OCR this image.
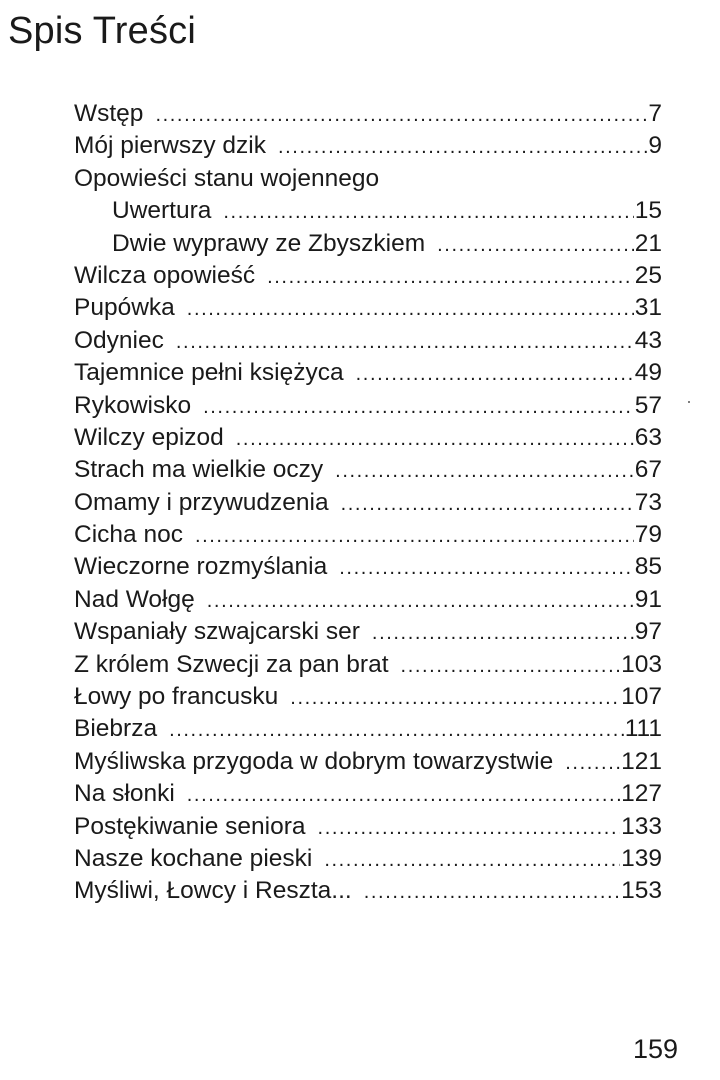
Spis Treści
Wstęp .....	7
Mój pierwszy dzik .....	9
Opowieści stanu wojennego
Uwertura .....	15
Dwie wyprawy ze Zbyszkiem .....	21
Wilcza opowieść .....	25
Pupówka .....	31
Odyniec .....	43
Tajemnice pełni księżyca .....	49
Rykowisko .....	57
Wilczy epizod .....	63
Strach ma wielkie oczy .....	67
Omamy i przywudzenia .....	73
Cicha noc .....	79
Wieczorne rozmyślania .....	85
Nad Wołgę .....	91
Wspaniały szwajcarski ser .....	97
Z królem Szwecji za pan brat .....	103
Łowy po francusku .....	107
Biebrza .....	111
Myśliwska przygoda w dobrym towarzystwie .....	121
Na słonki .....	127
Postękiwanie seniora .....	133
Nasze kochane pieski .....	139
Myśliwi, Łowcy i Reszta... .....	153
159
